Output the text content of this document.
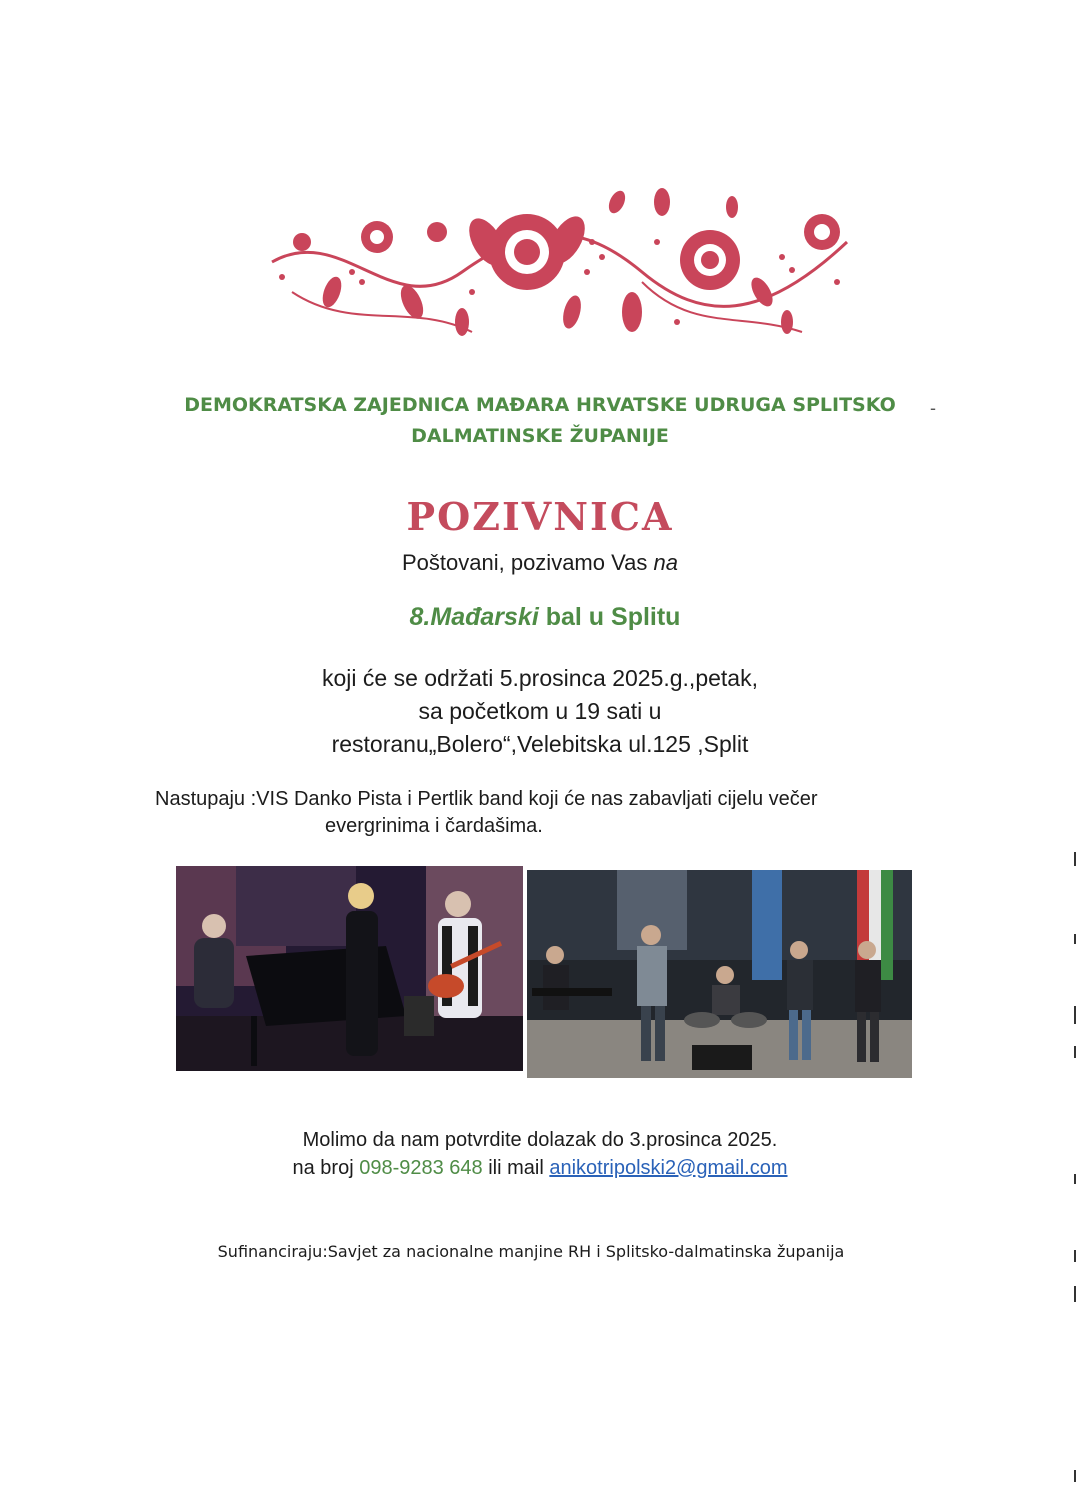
DEMOKRATSKA ZAJEDNICA MAĐARA HRVATSKE UDRUGA SPLITSKO
DALMATINSKE ŽUPANIJE
-
POZIVNICA
Poštovani, pozivamo Vas na
8.Mađarski bal u Splitu
koji će se održati 5.prosinca 2025.g.,petak,
sa početkom u 19 sati u
restoranu„Bolero“,Velebitska ul.125 ,Split
Nastupaju :VIS Danko Pista i Pertlik band koji će nas zabavljati cijelu večer
evergrinima i čardašima.
Molimo da nam potvrdite dolazak do 3.prosinca 2025.
na broj 098-9283 648 ili mail anikotripolski2@gmail.com
Sufinanciraju:Savjet za nacionalne manjine RH i Splitsko-dalmatinska županija
